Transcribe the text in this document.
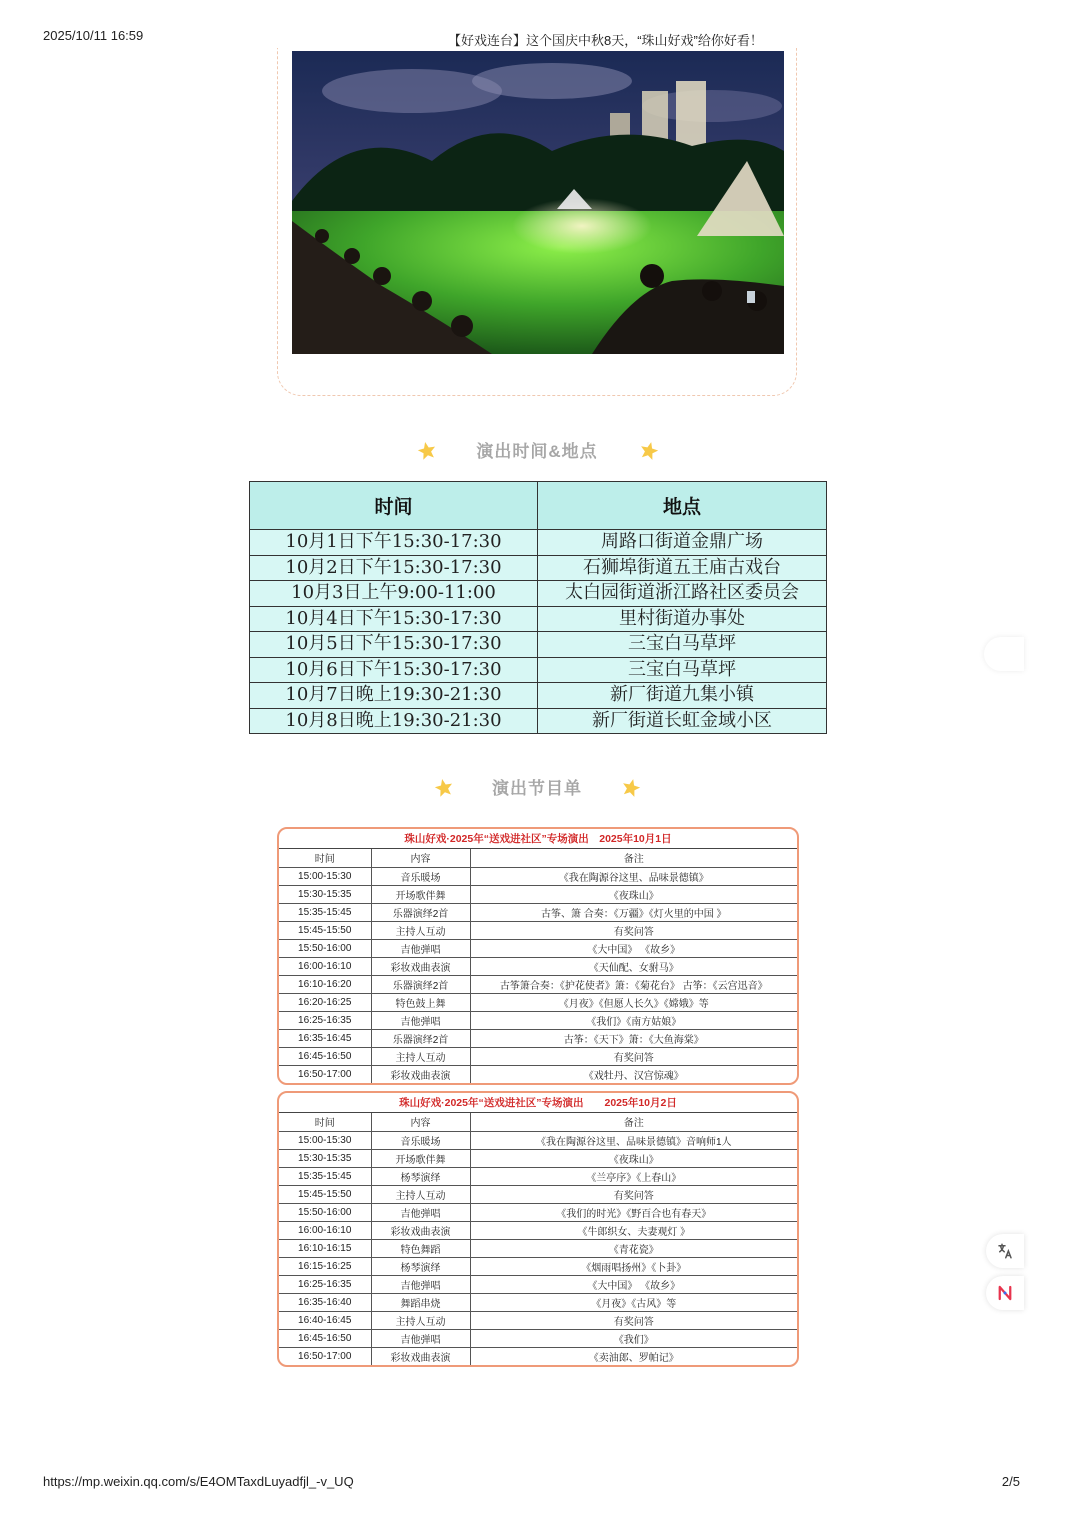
2025/10/11 16:59	【好戏连台】这个国庆中秋8天，“珠山好戏”给你好看！
演出时间&地点
时间	地点
10月1日下午15:30-17:30	周路口街道金鼎广场
10月2日下午15:30-17:30	石狮埠街道五王庙古戏台
10月3日上午9:00-11:00	太白园街道浙江路社区委员会
10月4日下午15:30-17:30	里村街道办事处
10月5日下午15:30-17:30	三宝白马草坪
10月6日下午15:30-17:30	三宝白马草坪
10月7日晚上19:30-21:30	新厂街道九集小镇
10月8日晚上19:30-21:30	新厂街道长虹金域小区
演出节目单
珠山好戏·2025年“送戏进社区”专场演出　2025年10月1日
时间	内容	备注
15:00-15:30	音乐暖场	《我在陶源谷这里、品味景德镇》
15:30-15:35	开场歌伴舞	《夜珠山》
15:35-15:45	乐器演绎2首	古筝、箫 合奏：《万疆》《灯火里的中国 》
15:45-15:50	主持人互动	有奖问答
15:50-16:00	吉他弹唱	《大中国》 《故乡》
16:00-16:10	彩妆戏曲表演	《天仙配、女驸马》
16:10-16:20	乐器演绎2首	古筝箫合奏：《护花使者》箫：《菊花台》 古筝：《云宫迅音》
16:20-16:25	特色鼓上舞	《月夜》《但愿人长久》《嫦娥》等
16:25-16:35	吉他弹唱	《我们》《南方姑娘》
16:35-16:45	乐器演绎2首	古筝：《天下》箫：《大鱼海棠》
16:45-16:50	主持人互动	有奖问答
16:50-17:00	彩妆戏曲表演	《戏牡丹、汉宫惊魂》
珠山好戏·2025年“送戏进社区”专场演出　　2025年10月2日
时间	内容	备注
15:00-15:30	音乐暖场	《我在陶源谷这里、品味景德镇》音响师1人
15:30-15:35	开场歌伴舞	《夜珠山》
15:35-15:45	杨琴演绎	《兰亭序》《上春山》
15:45-15:50	主持人互动	有奖问答
15:50-16:00	吉他弹唱	《我们的时光》《野百合也有春天》
16:00-16:10	彩妆戏曲表演	《牛郎织女、夫妻观灯 》
16:10-16:15	特色舞蹈	《青花瓷》
16:15-16:25	杨琴演绎	《烟雨唱扬州》《卜卦》
16:25-16:35	吉他弹唱	《大中国》 《故乡》
16:35-16:40	舞蹈串烧	《月夜》《古风》等
16:40-16:45	主持人互动	有奖问答
16:45-16:50	吉他弹唱	《我们》
16:50-17:00	彩妆戏曲表演	《卖油郎、罗帕记》
https://mp.weixin.qq.com/s/E4OMTaxdLuyadfjl_-v_UQ	2/5
